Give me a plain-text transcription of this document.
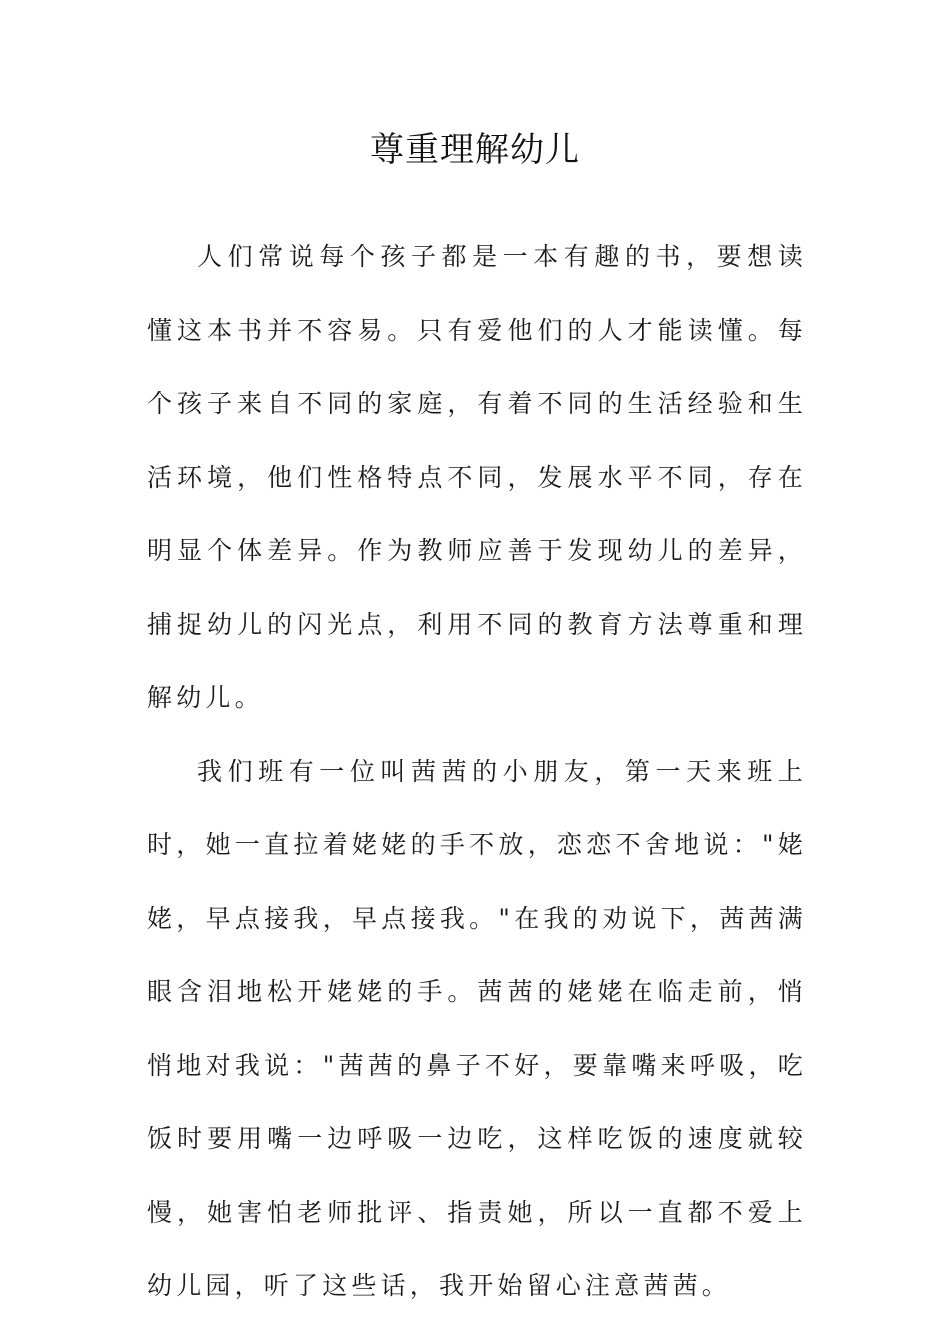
尊重理解幼儿

人们常说每个孩子都是一本有趣的书，要想读懂这本书并不容易。只有爱他们的人才能读懂。每个孩子来自不同的家庭，有着不同的生活经验和生活环境，他们性格特点不同，发展水平不同，存在明显个体差异。作为教师应善于发现幼儿的差异，捕捉幼儿的闪光点，利用不同的教育方法尊重和理解幼儿。

我们班有一位叫茜茜的小朋友，第一天来班上时，她一直拉着姥姥的手不放，恋恋不舍地说："姥姥，早点接我，早点接我。"在我的劝说下，茜茜满眼含泪地松开姥姥的手。茜茜的姥姥在临走前，悄悄地对我说："茜茜的鼻子不好，要靠嘴来呼吸，吃饭时要用嘴一边呼吸一边吃，这样吃饭的速度就较慢，她害怕老师批评、指责她，所以一直都不爱上幼儿园，听了这些话，我开始留心注意茜茜。
